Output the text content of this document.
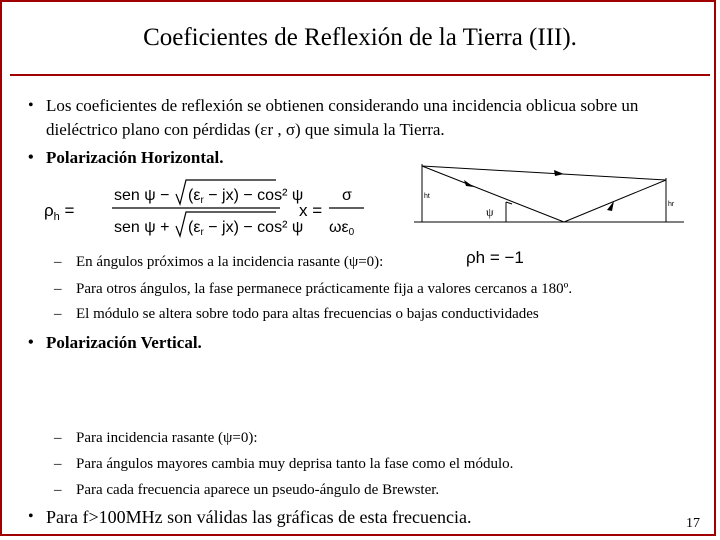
Coeficientes de Reflexión de la Tierra (III).
• Los coeficientes de reflexión se obtienen considerando una incidencia oblicua sobre un dieléctrico plano con pérdidas (εr , σ) que simula la Tierra.
• Polarización Horizontal.
$\rho_h$ =
sen ψ − (εr − jx) − cos² ψ
sen ψ + (εr − jx) − cos² ψ
x =
σ
ωε0
ht
hr
ψ
– En ángulos próximos a la incidencia rasante (ψ=0):	ρh = −1
– Para otros ángulos, la fase permanece prácticamente fija a valores cercanos a 180º.
– El módulo se altera sobre todo para altas frecuencias o bajas conductividades
• Polarización Vertical.
– Para incidencia rasante (ψ=0):
– Para ángulos mayores cambia muy deprisa tanto la fase como el módulo.
– Para cada frecuencia aparece un pseudo-ángulo de Brewster.
• Para f>100MHz son válidas las gráficas de esta frecuencia.	17
